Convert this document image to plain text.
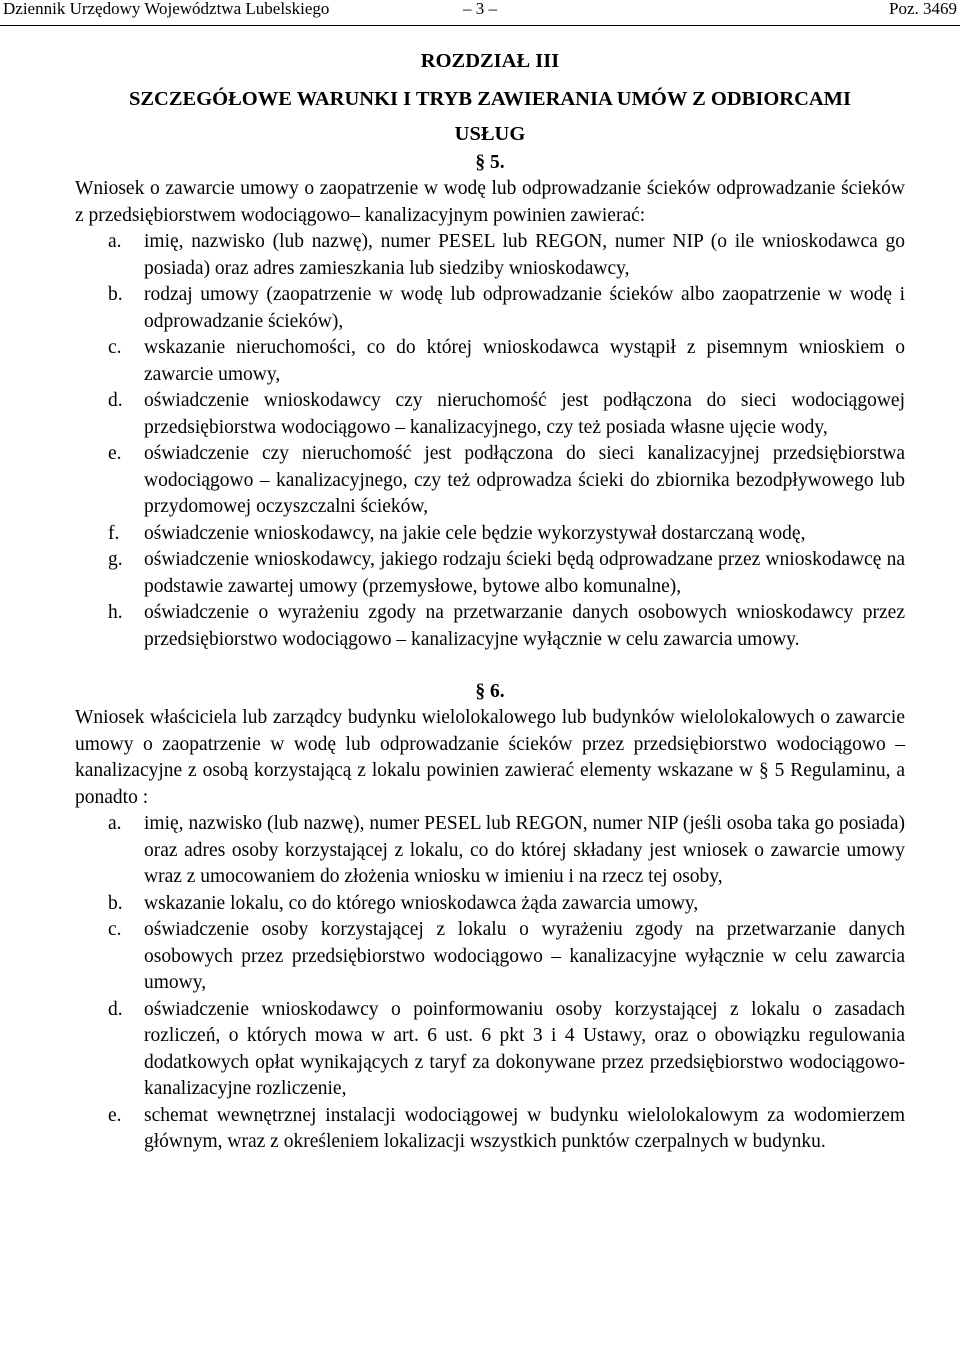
Dziennik Urzędowy Województwa Lubelskiego	– 3 –	Poz. 3469

ROZDZIAŁ III

SZCZEGÓŁOWE WARUNKI I TRYB ZAWIERANIA UMÓW Z ODBIORCAMI

USŁUG

§ 5.

Wniosek o zawarcie umowy o zaopatrzenie w wodę lub odprowadzanie ścieków odprowadzanie ścieków z przedsiębiorstwem wodociągowo– kanalizacyjnym powinien zawierać:

a. imię, nazwisko (lub nazwę), numer PESEL lub REGON, numer NIP (o ile wnioskodawca go posiada) oraz adres zamieszkania lub siedziby wnioskodawcy,
b. rodzaj umowy (zaopatrzenie w wodę lub odprowadzanie ścieków albo zaopatrzenie w wodę i odprowadzanie ścieków),
c. wskazanie nieruchomości, co do której wnioskodawca wystąpił z pisemnym wnioskiem o zawarcie umowy,
d. oświadczenie wnioskodawcy czy nieruchomość jest podłączona do sieci wodociągowej przedsiębiorstwa wodociągowo – kanalizacyjnego, czy też posiada własne ujęcie wody,
e. oświadczenie czy nieruchomość jest podłączona do sieci kanalizacyjnej przedsiębiorstwa wodociągowo – kanalizacyjnego, czy też odprowadza ścieki do zbiornika bezodpływowego lub przydomowej oczyszczalni ścieków,
f. oświadczenie wnioskodawcy, na jakie cele będzie wykorzystywał dostarczaną wodę,
g. oświadczenie wnioskodawcy, jakiego rodzaju ścieki będą odprowadzane przez wnioskodawcę na podstawie zawartej umowy (przemysłowe, bytowe albo komunalne),
h. oświadczenie o wyrażeniu zgody na przetwarzanie danych osobowych wnioskodawcy przez przedsiębiorstwo wodociągowo – kanalizacyjne wyłącznie w celu zawarcia umowy.

§ 6.

Wniosek właściciela lub zarządcy budynku wielolokalowego lub budynków wielolokalowych o zawarcie umowy o zaopatrzenie w wodę lub odprowadzanie ścieków przez przedsiębiorstwo wodociągowo – kanalizacyjne z osobą korzystającą z lokalu powinien zawierać elementy wskazane w § 5 Regulaminu, a ponadto :

a. imię, nazwisko (lub nazwę), numer PESEL lub REGON, numer NIP (jeśli osoba taka go posiada) oraz adres osoby korzystającej z lokalu, co do której składany jest wniosek o zawarcie umowy wraz z umocowaniem do złożenia wniosku w imieniu i na rzecz tej osoby,
b. wskazanie lokalu, co do którego wnioskodawca żąda zawarcia umowy,
c. oświadczenie osoby korzystającej z lokalu o wyrażeniu zgody na przetwarzanie danych osobowych przez przedsiębiorstwo wodociągowo – kanalizacyjne wyłącznie w celu zawarcia umowy,
d. oświadczenie wnioskodawcy o poinformowaniu osoby korzystającej z lokalu o zasadach rozliczeń, o których mowa w art. 6 ust. 6 pkt 3 i 4 Ustawy, oraz o obowiązku regulowania dodatkowych opłat wynikających z taryf za dokonywane przez przedsiębiorstwo wodociągowo-kanalizacyjne rozliczenie,
e. schemat wewnętrznej instalacji wodociągowej w budynku wielolokalowym za wodomierzem głównym, wraz z określeniem lokalizacji wszystkich punktów czerpalnych w budynku.
